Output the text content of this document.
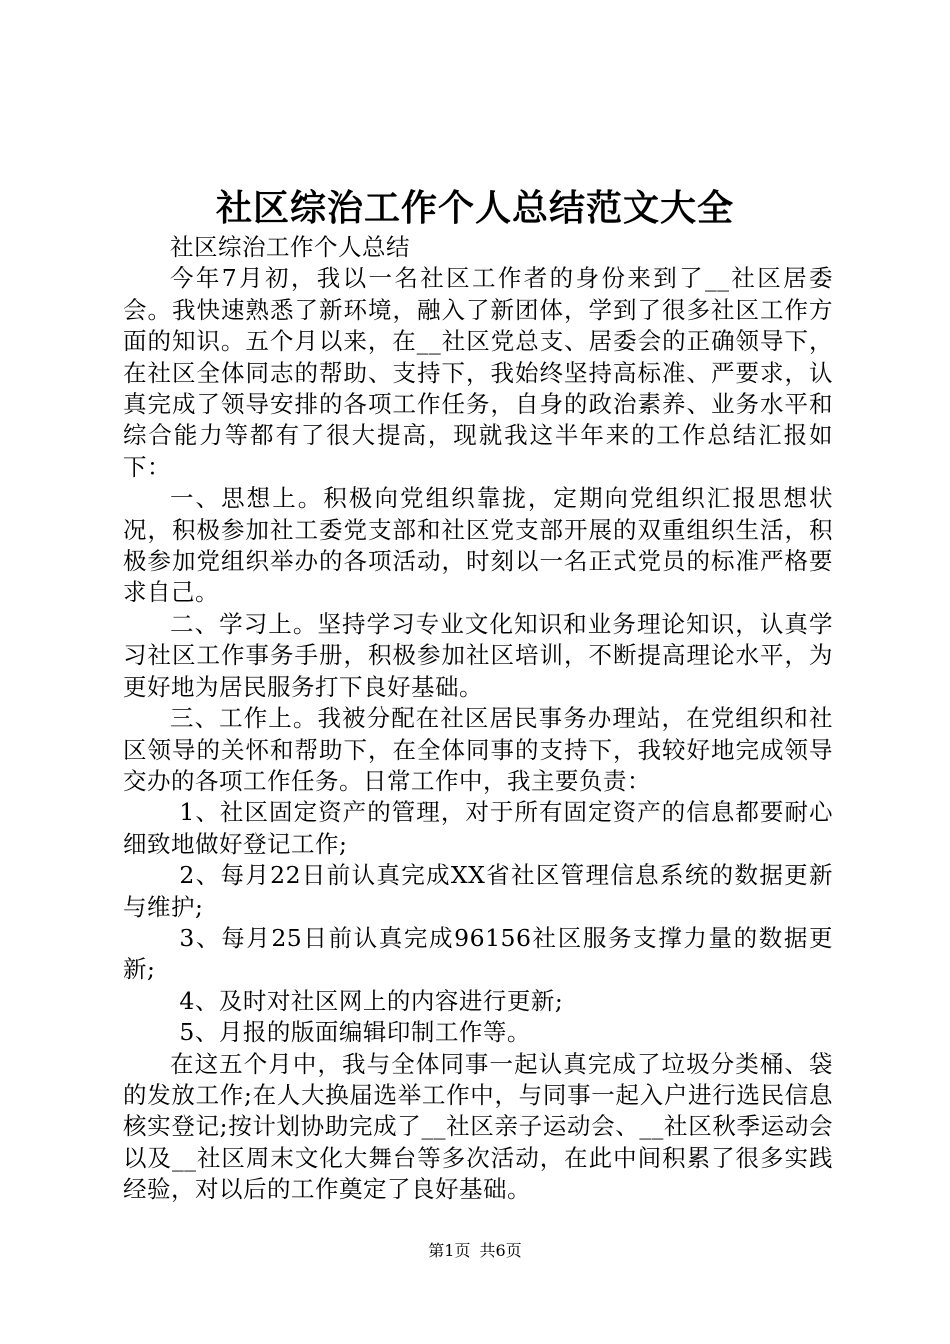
社区综治工作个人总结范文大全

社区综治工作个人总结

今年7月初，我以一名社区工作者的身份来到了__社区居委会。我快速熟悉了新环境，融入了新团体，学到了很多社区工作方面的知识。五个月以来，在__社区党总支、居委会的正确领导下，在社区全体同志的帮助、支持下，我始终坚持高标准、严要求，认真完成了领导安排的各项工作任务，自身的政治素养、业务水平和综合能力等都有了很大提高，现就我这半年来的工作总结汇报如下：

一、思想上。积极向党组织靠拢，定期向党组织汇报思想状况，积极参加社工委党支部和社区党支部开展的双重组织生活，积极参加党组织举办的各项活动，时刻以一名正式党员的标准严格要求自己。

二、学习上。坚持学习专业文化知识和业务理论知识，认真学习社区工作事务手册，积极参加社区培训，不断提高理论水平，为更好地为居民服务打下良好基础。

三、工作上。我被分配在社区居民事务办理站，在党组织和社区领导的关怀和帮助下，在全体同事的支持下，我较好地完成领导交办的各项工作任务。日常工作中，我主要负责：

1、社区固定资产的管理，对于所有固定资产的信息都要耐心细致地做好登记工作;

2、每月22日前认真完成XX省社区管理信息系统的数据更新与维护;

3、每月25日前认真完成96156社区服务支撑力量的数据更新;

4、及时对社区网上的内容进行更新;

5、月报的版面编辑印制工作等。

在这五个月中，我与全体同事一起认真完成了垃圾分类桶、袋的发放工作;在人大换届选举工作中，与同事一起入户进行选民信息核实登记;按计划协助完成了__社区亲子运动会、__社区秋季运动会以及__社区周末文化大舞台等多次活动，在此中间积累了很多实践经验，对以后的工作奠定了良好基础。

第1页 共6页
